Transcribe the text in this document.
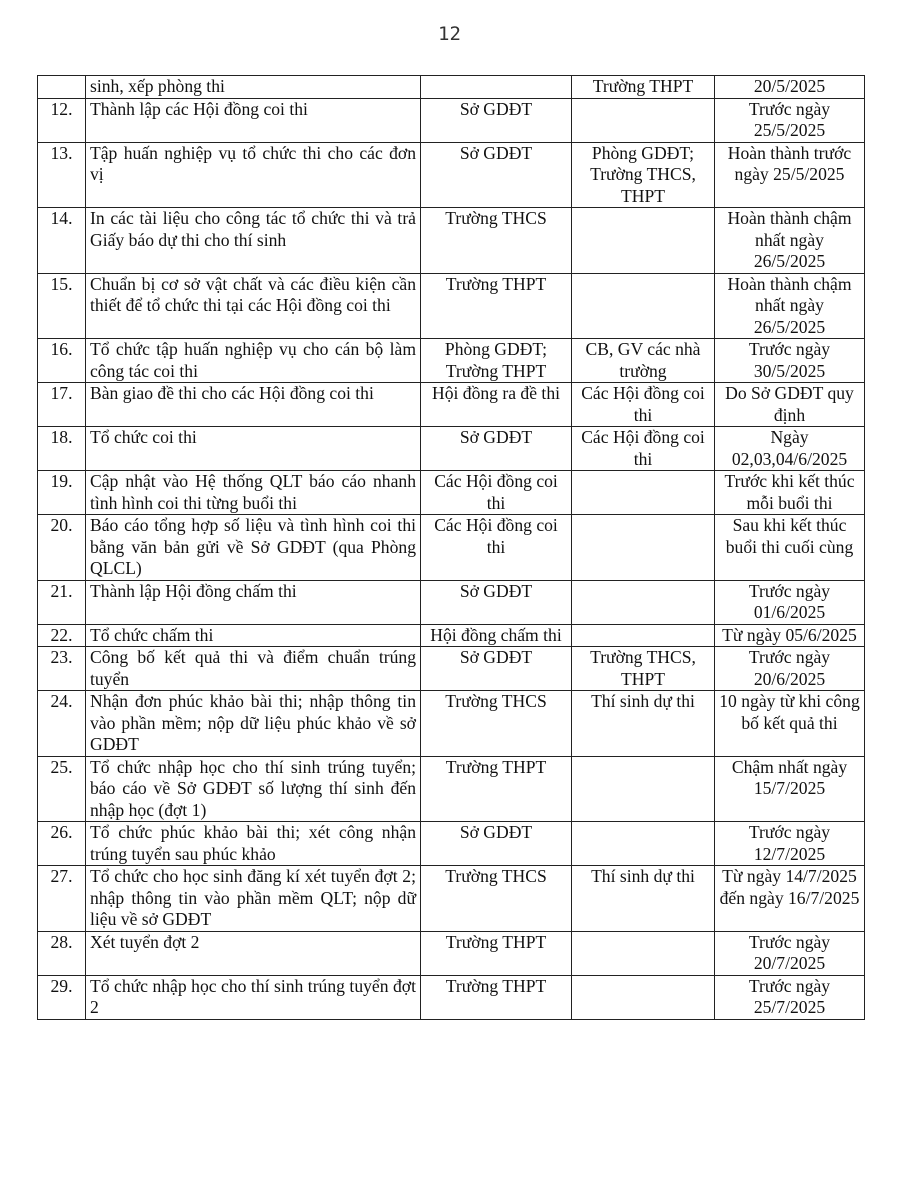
12
	sinh, xếp phòng thi		Trường THPT	20/5/2025
12.	Thành lập các Hội đồng coi thi	Sở GDĐT		Trước ngày 25/5/2025
13.	Tập huấn nghiệp vụ tổ chức thi cho các đơn vị	Sở GDĐT	Phòng GDĐT; Trường THCS, THPT	Hoàn thành trước ngày 25/5/2025
14.	In các tài liệu cho công tác tổ chức thi và trả Giấy báo dự thi cho thí sinh	Trường THCS		Hoàn thành chậm nhất ngày 26/5/2025
15.	Chuẩn bị cơ sở vật chất và các điều kiện cần thiết để tổ chức thi tại các Hội đồng coi thi	Trường THPT		Hoàn thành chậm nhất ngày 26/5/2025
16.	Tổ chức tập huấn nghiệp vụ cho cán bộ làm công tác coi thi	Phòng GDĐT; Trường THPT	CB, GV các nhà trường	Trước ngày 30/5/2025
17.	Bàn giao đề thi cho các Hội đồng coi thi	Hội đồng ra đề thi	Các Hội đồng coi thi	Do Sở GDĐT quy định
18.	Tổ chức coi thi	Sở GDĐT	Các Hội đồng coi thi	Ngày 02,03,04/6/2025
19.	Cập nhật vào Hệ thống QLT báo cáo nhanh tình hình coi thi từng buổi thi	Các Hội đồng coi thi		Trước khi kết thúc mỗi buổi thi
20.	Báo cáo tổng hợp số liệu và tình hình coi thi bằng văn bản gửi về Sở GDĐT (qua Phòng QLCL)	Các Hội đồng coi thi		Sau khi kết thúc buổi thi cuối cùng
21.	Thành lập Hội đồng chấm thi	Sở GDĐT		Trước ngày 01/6/2025
22.	Tổ chức chấm thi	Hội đồng chấm thi		Từ ngày 05/6/2025
23.	Công bố kết quả thi và điểm chuẩn trúng tuyển	Sở GDĐT	Trường THCS, THPT	Trước ngày 20/6/2025
24.	Nhận đơn phúc khảo bài thi; nhập thông tin vào phần mềm; nộp dữ liệu phúc khảo về sở GDĐT	Trường THCS	Thí sinh dự thi	10 ngày từ khi công bố kết quả thi
25.	Tổ chức nhập học cho thí sinh trúng tuyển; báo cáo về Sở GDĐT số lượng thí sinh đến nhập học (đợt 1)	Trường THPT		Chậm nhất ngày 15/7/2025
26.	Tổ chức phúc khảo bài thi; xét công nhận trúng tuyển sau phúc khảo	Sở GDĐT		Trước ngày 12/7/2025
27.	Tổ chức cho học sinh đăng kí xét tuyển đợt 2; nhập thông tin vào phần mềm QLT; nộp dữ liệu về sở GDĐT	Trường THCS	Thí sinh dự thi	Từ ngày 14/7/2025 đến ngày 16/7/2025
28.	Xét tuyển đợt 2	Trường THPT		Trước ngày 20/7/2025
29.	Tổ chức nhập học cho thí sinh trúng tuyển đợt 2	Trường THPT		Trước ngày 25/7/2025
